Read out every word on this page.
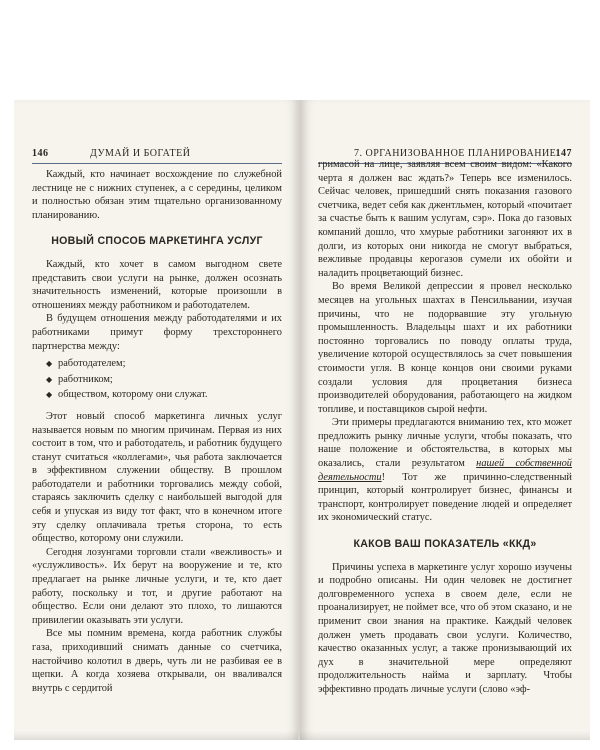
146	ДУМАЙ И БОГАТЕЙ

Каждый, кто начинает восхождение по служебной лестнице не с нижних ступенек, а с середины, целиком и полностью обязан этим тщательно организованному планированию.

НОВЫЙ СПОСОБ МАРКЕТИНГА УСЛУГ

Каждый, кто хочет в самом выгодном свете представить свои услуги на рынке, должен осознать значительность изменений, которые произошли в отношениях между работником и работодателем.

В будущем отношения между работодателями и их работниками примут форму трехстороннего партнерства между:

◆ работодателем;
◆ работником;
◆ обществом, которому они служат.

Этот новый способ маркетинга личных услуг называется новым по многим причинам. Первая из них состоит в том, что и работодатель, и работник будущего станут считаться «коллегами», чья работа заключается в эффективном служении обществу. В прошлом работодатели и работники торговались между собой, стараясь заключить сделку с наибольшей выгодой для себя и упуская из виду тот факт, что в конечном итоге эту сделку оплачивала третья сторона, то есть общество, которому они служили.

Сегодня лозунгами торговли стали «вежливость» и «услужливость». Их берут на вооружение и те, кто предлагает на рынке личные услуги, и те, кто дает работу, поскольку и тот, и другие работают на общество. Если они делают это плохо, то лишаются привилегии оказывать эти услуги.

Все мы помним времена, когда работник службы газа, приходивший снимать данные со счетчика, настойчиво колотил в дверь, чуть ли не разбивая ее в щепки. А когда хозяева открывали, он вваливался внутрь с сердитой

7. ОРГАНИЗОВАННОЕ ПЛАНИРОВАНИЕ 147

гримасой на лице, заявляя всем своим видом: «Какого черта я должен вас ждать?» Теперь все изменилось. Сейчас человек, пришедший снять показания газового счетчика, ведет себя как джентльмен, который «почитает за счастье быть к вашим услугам, сэр». Пока до газовых компаний дошло, что хмурые работники загоняют их в долги, из которых они никогда не смогут выбраться, вежливые продавцы керогазов сумели их обойти и наладить процветающий бизнес.

Во время Великой депрессии я провел несколько месяцев на угольных шахтах в Пенсильвании, изучая причины, что не подорвавшие эту угольную промышленность. Владельцы шахт и их работники постоянно торговались по поводу оплаты труда, увеличение которой осуществлялось за счет повышения стоимости угля. В конце концов они своими руками создали условия для процветания бизнеса производителей оборудования, работающего на жидком топливе, и поставщиков сырой нефти.

Эти примеры предлагаются вниманию тех, кто может предложить рынку личные услуги, чтобы показать, что наше положение и обстоятельства, в которых мы оказались, стали результатом нашей собственной деятельности! Тот же причинно-следственный принцип, который контролирует бизнес, финансы и транспорт, контролирует поведение людей и определяет их экономический статус.

КАКОВ ВАШ ПОКАЗАТЕЛЬ «ККД»

Причины успеха в маркетинге услуг хорошо изучены и подробно описаны. Ни один человек не достигнет долговременного успеха в своем деле, если не проанализирует, не поймет все, что об этом сказано, и не применит свои знания на практике. Каждый человек должен уметь продавать свои услуги. Количество, качество оказанных услуг, а также пронизывающий их дух в значительной мере определяют продолжительность найма и зарплату. Чтобы эффективно продать личные услуги (слово «эф-
